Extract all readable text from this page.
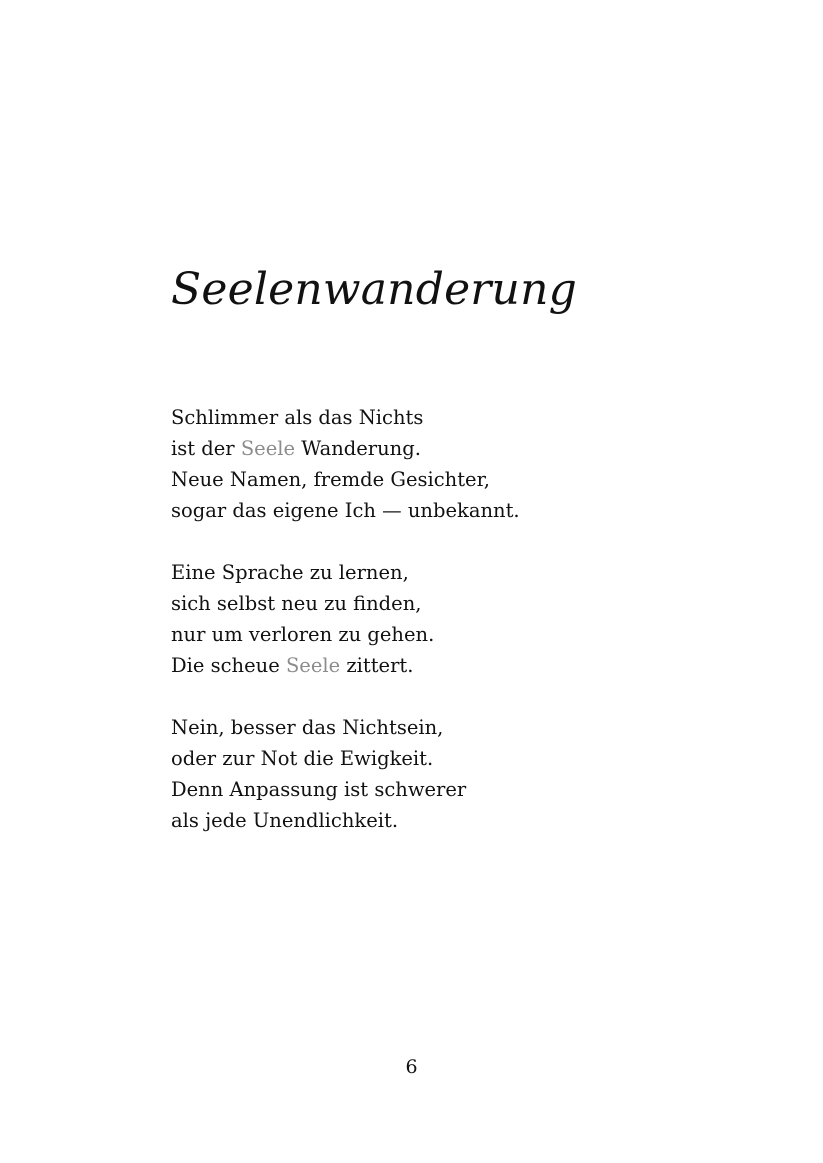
Seelenwanderung
Schlimmer als das Nichts
ist der Seele Wanderung.
Neue Namen, fremde Gesichter,
sogar das eigene Ich — unbekannt.
Eine Sprache zu lernen,
sich selbst neu zu finden,
nur um verloren zu gehen.
Die scheue Seele zittert.
Nein, besser das Nichtsein,
oder zur Not die Ewigkeit.
Denn Anpassung ist schwerer
als jede Unendlichkeit.
6
